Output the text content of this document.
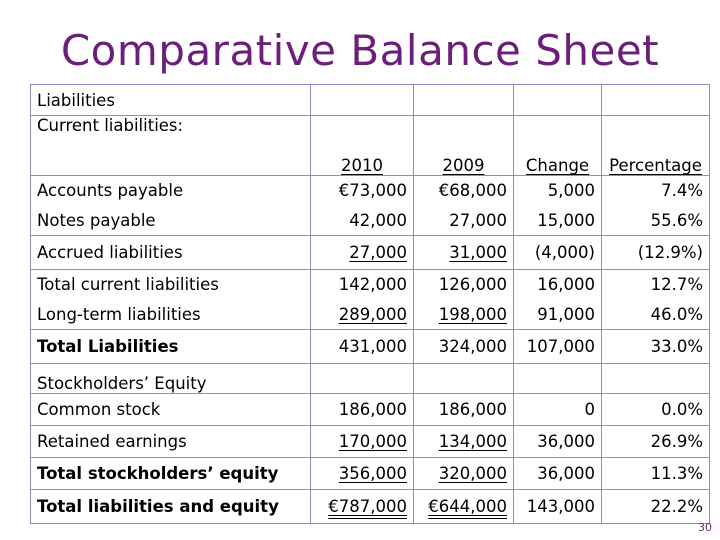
Comparative Balance Sheet
Liabilities				
Current liabilities:	2010	2009	Change	Percentage
Accounts payable	€73,000	€68,000	5,000	7.4%
Notes payable	42,000	27,000	15,000	55.6%
Accrued liabilities	27,000	31,000	(4,000)	(12.9%)
Total current liabilities	142,000	126,000	16,000	12.7%
Long-term liabilities	289,000	198,000	91,000	46.0%
Total Liabilities	431,000	324,000	107,000	33.0%
Stockholders’ Equity				
Common stock	186,000	186,000	0	0.0%
Retained earnings	170,000	134,000	36,000	26.9%
Total stockholders’ equity	356,000	320,000	36,000	11.3%
Total liabilities and equity	€787,000	€644,000	143,000	22.2%
30
